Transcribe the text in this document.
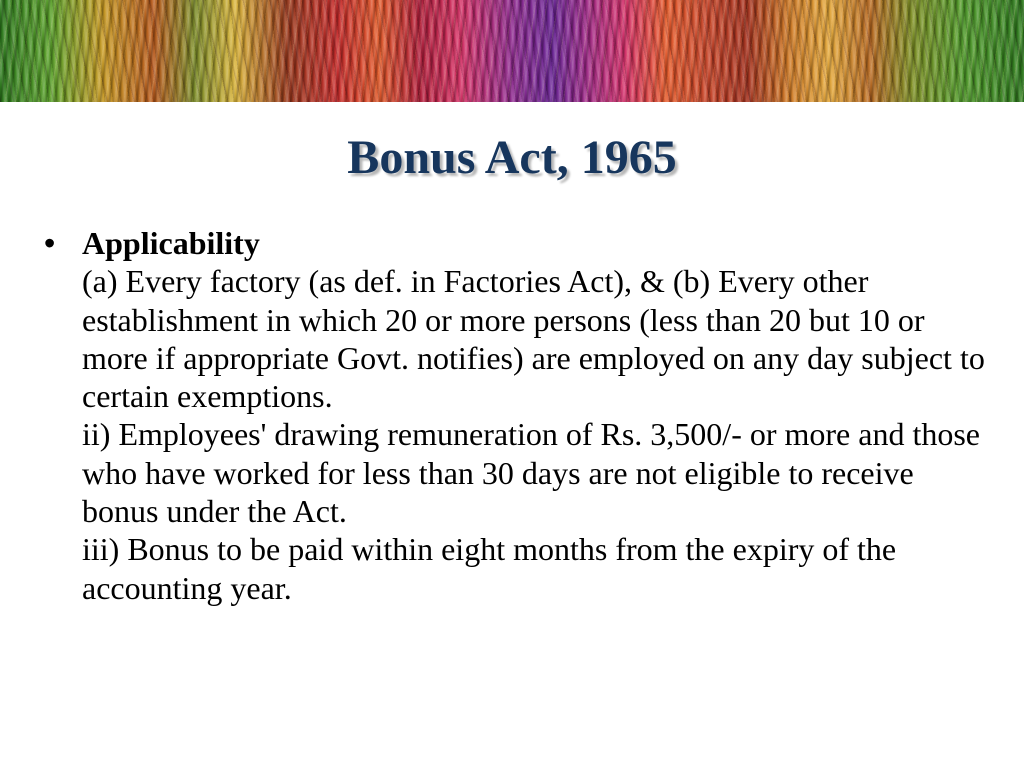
Bonus Act, 1965
• Applicability
(a) Every factory (as def. in Factories Act), & (b) Every other establishment in which 20 or more persons (less than 20 but 10 or more if appropriate Govt. notifies) are employed on any day subject to certain exemptions.
ii) Employees' drawing remuneration of Rs. 3,500/- or more and those who have worked for less than 30 days are not eligible to receive bonus under the Act.
iii) Bonus to be paid within eight months from the expiry of the accounting year.
